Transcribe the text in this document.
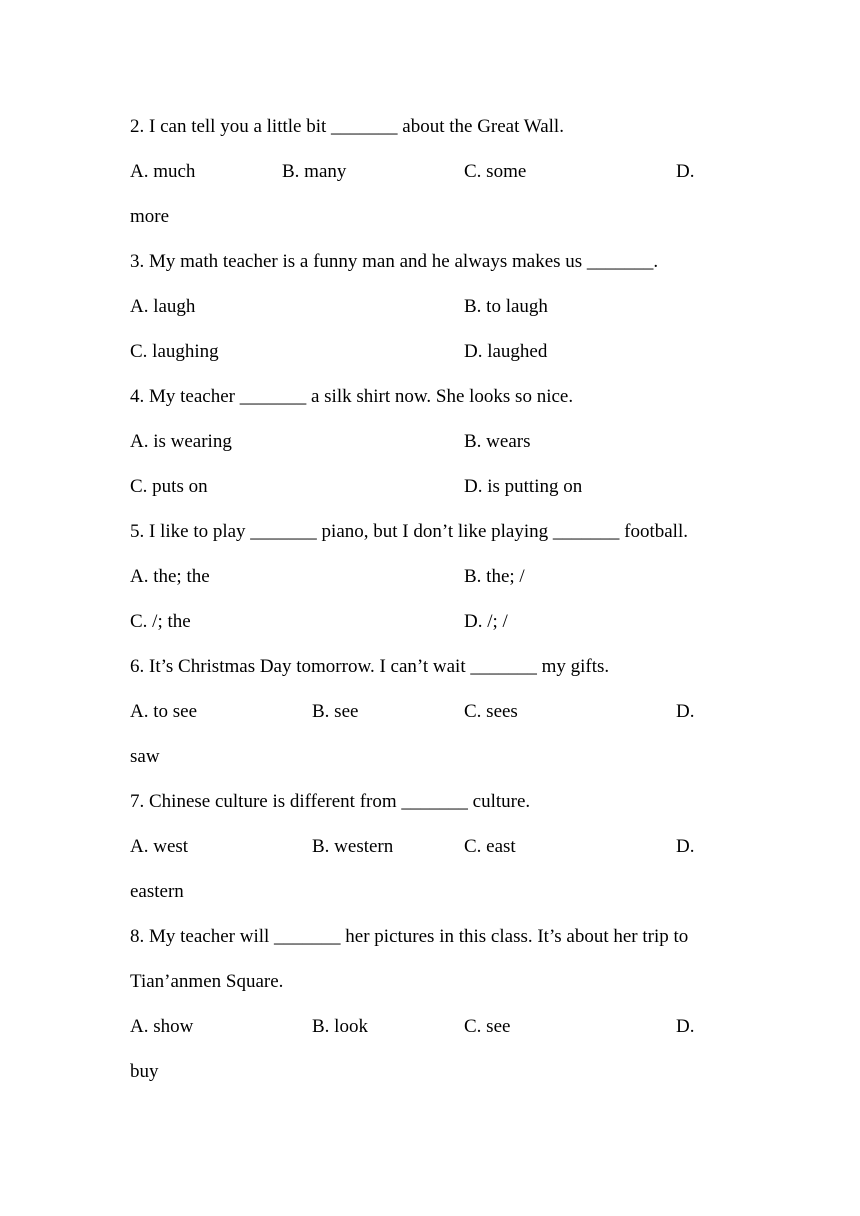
2. I can tell you a little bit _______ about the Great Wall.
A. much	B. many	C. some	D.
more
3. My math teacher is a funny man and he always makes us _______.
A. laugh	B. to laugh
C. laughing	D. laughed
4. My teacher _______ a silk shirt now. She looks so nice.
A. is wearing	B. wears
C. puts on	D. is putting on
5. I like to play _______ piano, but I don’t like playing _______ football.
A. the; the	B. the; /
C. /; the	D. /; /
6. It’s Christmas Day tomorrow. I can’t wait _______ my gifts.
A. to see	B. see	C. sees	D.
saw
7. Chinese culture is different from _______ culture.
A. west	B. western	C. east	D.
eastern
8. My teacher will _______ her pictures in this class. It’s about her trip to
Tian’anmen Square.
A. show	B. look	C. see	D.
buy
